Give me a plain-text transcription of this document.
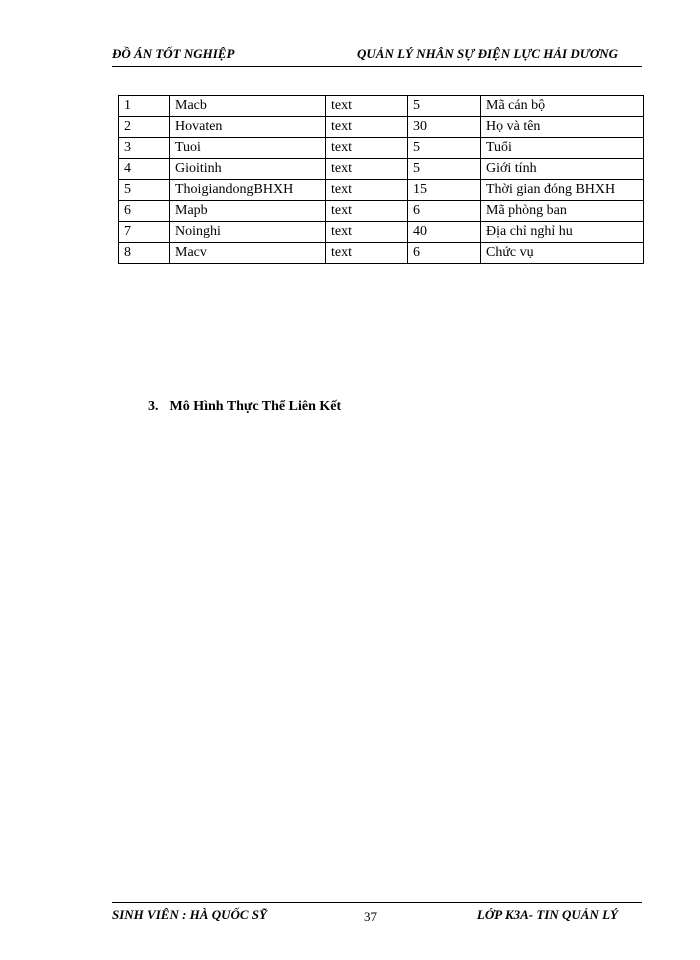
ĐỒ ÁN TỐT NGHIỆP	QUẢN LÝ NHÂN SỰ ĐIỆN LỰC HẢI DƯƠNG
1	Macb	text	5	Mã cán bộ
2	Hovaten	text	30	Họ và tên
3	Tuoi	text	5	Tuổi
4	Gioitinh	text	5	Giới tính
5	ThoigiandongBHXH	text	15	Thời gian đóng BHXH
6	Mapb	text	6	Mã phòng ban
7	Noinghi	text	40	Địa chỉ nghỉ hu
8	Macv	text	6	Chức vụ
3. Mô Hình Thực Thể Liên Kết
SINH VIÊN : HÀ QUỐC SỸ	37	LỚP K3A- TIN QUẢN LÝ
